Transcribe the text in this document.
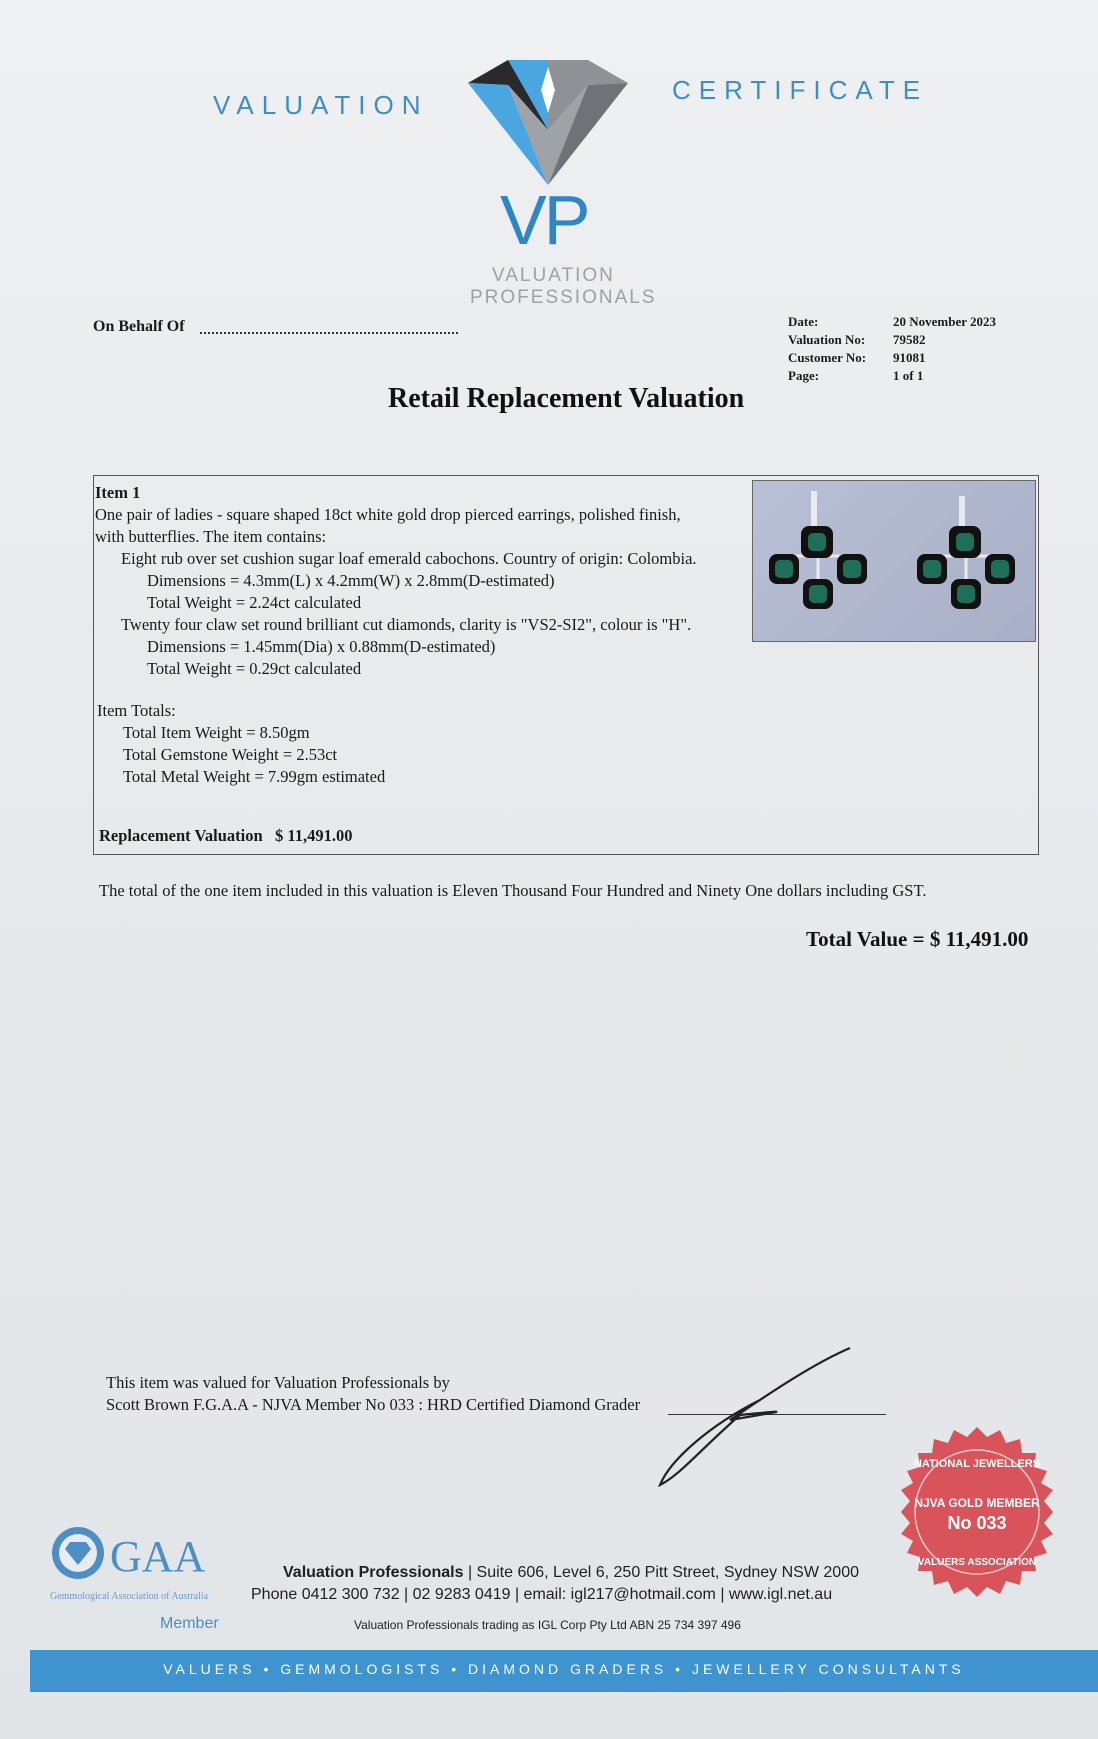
VALUATION	CERTIFICATE
VP
VALUATION
PROFESSIONALS
On Behalf Of	Date:	20 November 2023
Valuation No:	79582
Customer No:	91081
Page:	1 of 1
Retail Replacement Valuation
Item 1
One pair of ladies - square shaped 18ct white gold drop pierced earrings, polished finish,
with butterflies. The item contains:
Eight rub over set cushion sugar loaf emerald cabochons. Country of origin: Colombia.
Dimensions = 4.3mm(L) x 4.2mm(W) x 2.8mm(D-estimated)
Total Weight = 2.24ct calculated
Twenty four claw set round brilliant cut diamonds, clarity is "VS2-SI2", colour is "H".
Dimensions = 1.45mm(Dia) x 0.88mm(D-estimated)
Total Weight = 0.29ct calculated
Item Totals:
Total Item Weight = 8.50gm
Total Gemstone Weight = 2.53ct
Total Metal Weight = 7.99gm estimated
Replacement Valuation   $ 11,491.00
The total of the one item included in this valuation is Eleven Thousand Four Hundred and Ninety One dollars including GST.
Total Value = $ 11,491.00
This item was valued for Valuation Professionals by
Scott Brown F.G.A.A - NJVA Member No 033 : HRD Certified Diamond Grader
NATIONAL JEWELLERS
NJVA GOLD MEMBER
No 033
VALUERS ASSOCIATION
GAA
Gemmological Association of Australia
Member
Valuation Professionals | Suite 606, Level 6, 250 Pitt Street, Sydney NSW 2000
Phone 0412 300 732 | 02 9283 0419 | email: igl217@hotmail.com | www.igl.net.au
Valuation Professionals trading as IGL Corp Pty Ltd ABN 25 734 397 496
VALUERS • GEMMOLOGISTS • DIAMOND GRADERS • JEWELLERY CONSULTANTS
